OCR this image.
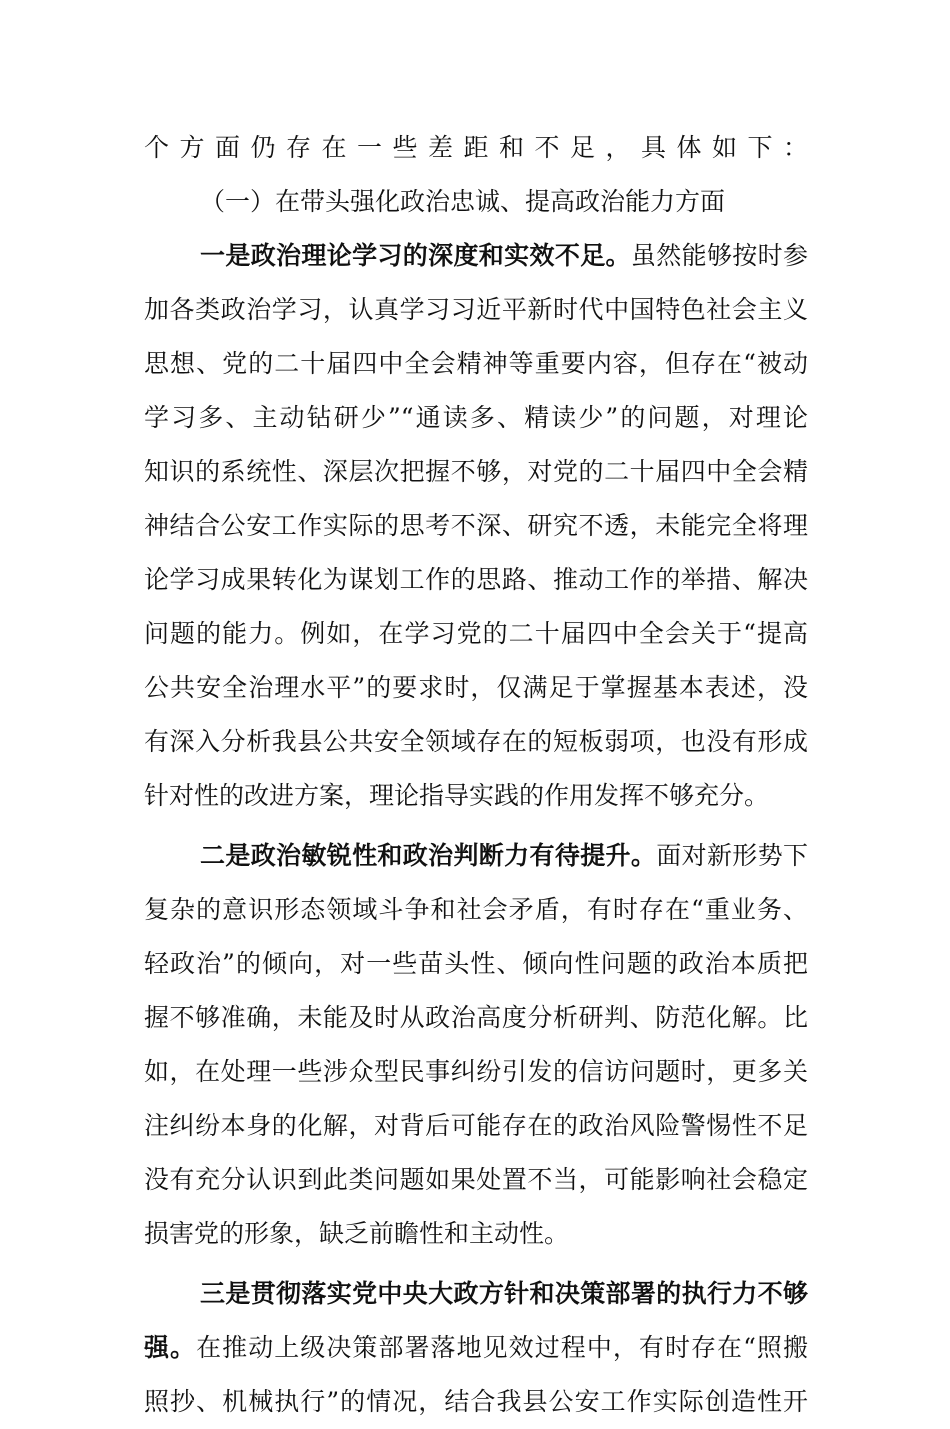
个方面仍存在一些差距和不足，具体如下：
（一）在带头强化政治忠诚、提高政治能力方面
一是政治理论学习的深度和实效不足。虽然能够按时参
加各类政治学习，认真学习习近平新时代中国特色社会主义
思想、党的二十届四中全会精神等重要内容，但存在“被动
学习多、主动钻研少”“通读多、精读少”的问题，对理论
知识的系统性、深层次把握不够，对党的二十届四中全会精
神结合公安工作实际的思考不深、研究不透，未能完全将理
论学习成果转化为谋划工作的思路、推动工作的举措、解决
问题的能力。例如，在学习党的二十届四中全会关于“提高
公共安全治理水平”的要求时，仅满足于掌握基本表述，没
有深入分析我县公共安全领域存在的短板弱项，也没有形成
针对性的改进方案，理论指导实践的作用发挥不够充分。
二是政治敏锐性和政治判断力有待提升。面对新形势下
复杂的意识形态领域斗争和社会矛盾，有时存在“重业务、
轻政治”的倾向，对一些苗头性、倾向性问题的政治本质把
握不够准确，未能及时从政治高度分析研判、防范化解。比
如，在处理一些涉众型民事纠纷引发的信访问题时，更多关
注纠纷本身的化解，对背后可能存在的政治风险警惕性不足
没有充分认识到此类问题如果处置不当，可能影响社会稳定
损害党的形象，缺乏前瞻性和主动性。
三是贯彻落实党中央大政方针和决策部署的执行力不够
强。在推动上级决策部署落地见效过程中，有时存在“照搬
照抄、机械执行”的情况，结合我县公安工作实际创造性开
